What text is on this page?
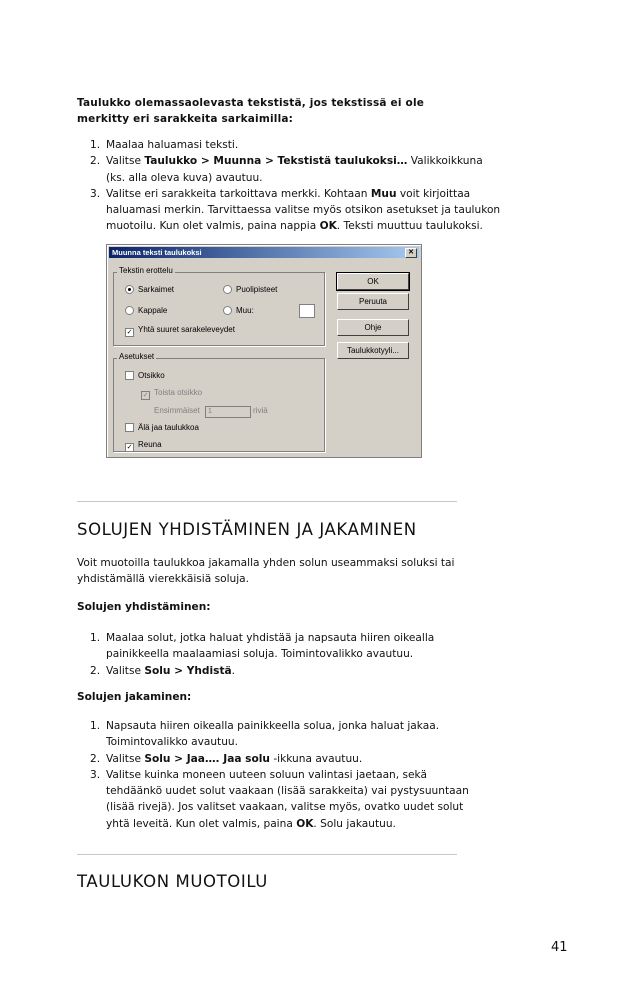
Taulukko olemassaolevasta tekstistä, jos tekstissä ei ole merkitty eri sarakkeita sarkaimilla:
1. Maalaa haluamasi teksti.
2. Valitse Taulukko > Muunna > Tekstistä taulukoksi… Valikkoikkuna (ks. alla oleva kuva) avautuu.
3. Valitse eri sarakkeita tarkoittava merkki. Kohtaan Muu voit kirjoittaa haluamasi merkin. Tarvittaessa valitse myös otsikon asetukset ja taulukon muotoilu. Kun olet valmis, paina nappia OK. Teksti muuttuu taulukoksi.
Muunna teksti taulukoksi	✕
Tekstin erottelu
Sarkaimet	Puolipisteet
Kappale	Muu:
✓ Yhtä suuret sarakeleveydet
Asetukset
Otsikko
✓ Toista otsikko
Ensimmäiset	1	riviä
Älä jaa taulukkoa
✓ Reuna
OK
Peruuta
Ohje
Taulukkotyyli...
SOLUJEN YHDISTÄMINEN JA JAKAMINEN
Voit muotoilla taulukkoa jakamalla yhden solun useammaksi soluksi tai yhdistämällä vierekkäisiä soluja.
Solujen yhdistäminen:
1. Maalaa solut, jotka haluat yhdistää ja napsauta hiiren oikealla painikkeella maalaamiasi soluja. Toimintovalikko avautuu.
2. Valitse Solu > Yhdistä.
Solujen jakaminen:
1. Napsauta hiiren oikealla painikkeella solua, jonka haluat jakaa. Toimintovalikko avautuu.
2. Valitse Solu > Jaa…. Jaa solu -ikkuna avautuu.
3. Valitse kuinka moneen uuteen soluun valintasi jaetaan, sekä tehdäänkö uudet solut vaakaan (lisää sarakkeita) vai pystysuuntaan (lisää rivejä). Jos valitset vaakaan, valitse myös, ovatko uudet solut yhtä leveitä. Kun olet valmis, paina OK. Solu jakautuu.
TAULUKON MUOTOILU
41
